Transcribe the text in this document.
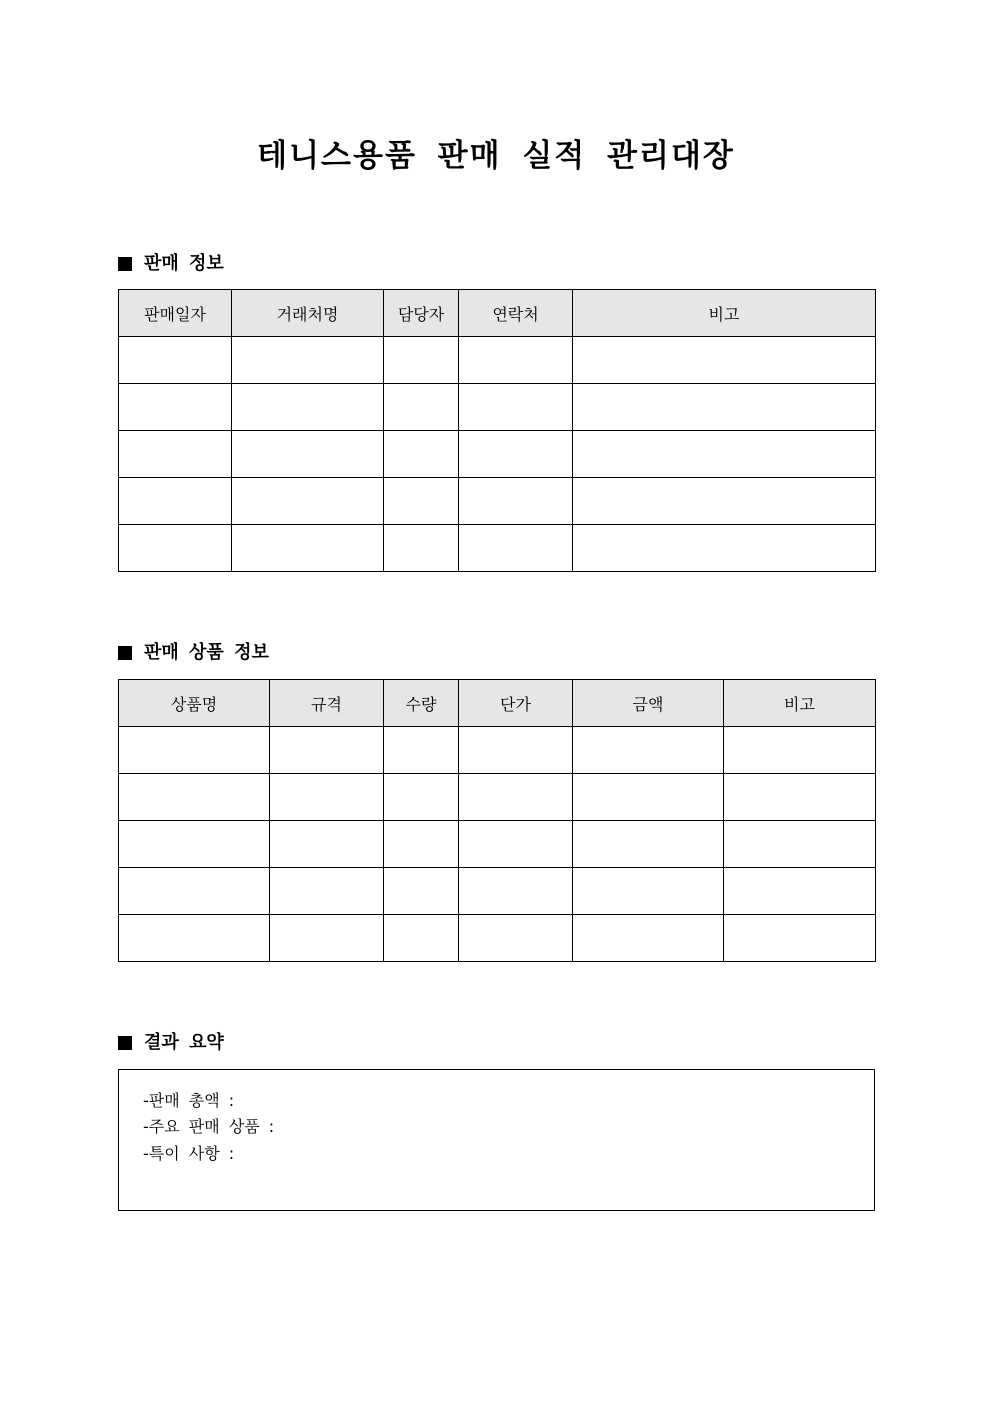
테니스용품 판매 실적 관리대장
판매 정보
판매일자	거래처명	담당자	연락처	비고

판매 상품 정보
상품명	규격	수량	단가	금액	비고

결과 요약
-판매 총액 :
-주요 판매 상품 :
-특이 사항 :
